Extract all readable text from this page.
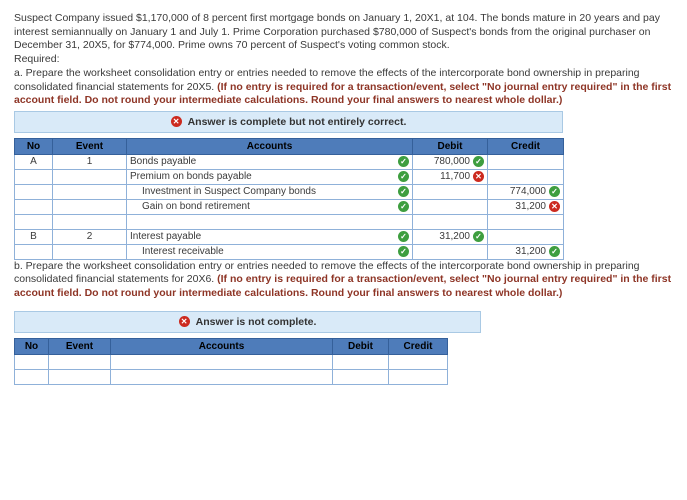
Suspect Company issued $1,170,000 of 8 percent first mortgage bonds on January 1, 20X1, at 104. The bonds mature in 20 years and pay interest semiannually on January 1 and July 1. Prime Corporation purchased $780,000 of Suspect's bonds from the original purchaser on December 31, 20X5, for $774,000. Prime owns 70 percent of Suspect's voting common stock.

Required:

a. Prepare the worksheet consolidation entry or entries needed to remove the effects of the intercorporate bond ownership in preparing consolidated financial statements for 20X5. (If no entry is required for a transaction/event, select "No journal entry required" in the first account field. Do not round your intermediate calculations. Round your final answers to nearest whole dollar.)

✕ Answer is complete but not entirely correct.
No	Event	Accounts	Debit	Credit
A	1	Bonds payable ✓	780,000 ✓	

		Premium on bonds payable ✓	11,700 ✕	

		Investment in Suspect Company bonds ✓		774,000 ✓

		Gain on bond retirement ✓		31,200 ✕

B	2	Interest payable ✓	31,200 ✓	

		Interest receivable ✓		31,200 ✓

b. Prepare the worksheet consolidation entry or entries needed to remove the effects of the intercorporate bond ownership in preparing consolidated financial statements for 20X6. (If no entry is required for a transaction/event, select "No journal entry required" in the first account field. Do not round your intermediate calculations. Round your final answers to nearest whole dollar.)

✕ Answer is not complete.
No	Event	Accounts	Debit	Credit
